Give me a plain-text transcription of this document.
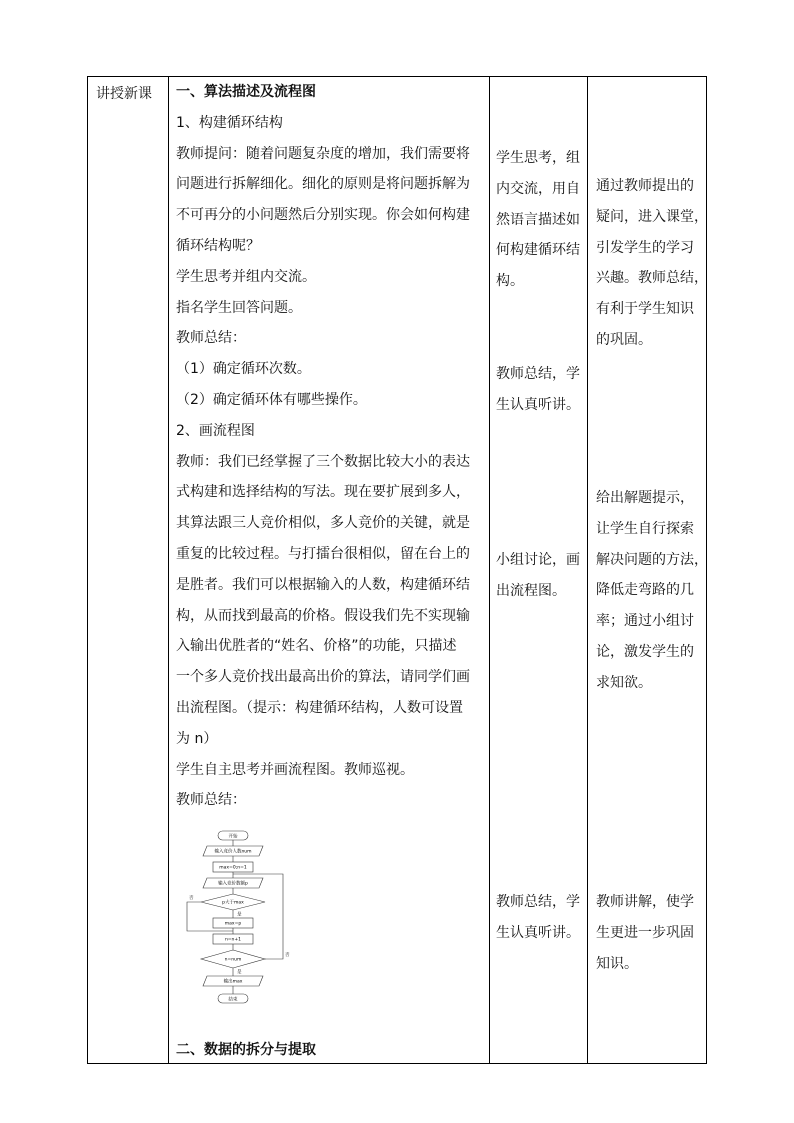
讲授新课 一、算法描述及流程图
1、构建循环结构
教师提问：随着问题复杂度的增加，我们需要将
问题进行拆解细化。细化的原则是将问题拆解为
不可再分的小问题然后分别实现。你会如何构建
循环结构呢？
学生思考并组内交流。
指名学生回答问题。
教师总结：
（1）确定循环次数。
（2）确定循环体有哪些操作。
2、画流程图
教师：我们已经掌握了三个数据比较大小的表达
式构建和选择结构的写法。现在要扩展到多人，
其算法跟三人竞价相似，多人竞价的关键，就是
重复的比较过程。与打擂台很相似，留在台上的
是胜者。我们可以根据输入的人数，构建循环结
构，从而找到最高的价格。假设我们先不实现输
入输出优胜者的“姓名、价格”的功能，只描述
一个多人竞价找出最高出价的算法，请同学们画
出流程图。（提示：构建循环结构，人数可设置
为 n）
学生自主思考并画流程图。教师巡视。
教师总结：
学生思考，组
内交流，用自
然语言描述如
何构建循环结
构。
教师总结，学
生认真听讲。
小组讨论，画
出流程图。
教师总结，学
生认真听讲。
通过教师提出的
疑问，进入课堂，
引发学生的学习
兴趣。教师总结，
有利于学生知识
的巩固。
给出解题提示，
让学生自行探索
解决问题的方法，
降低走弯路的几
率；通过小组讨
论，激发学生的
求知欲。
教师讲解，使学
生更进一步巩固
知识。
开始
输入竞价人数num
max=0;n=1
输入竞价数额p
p大于max
是
否
max=p
n=n+1
n=num
是
否
输出max
结束
二、数据的拆分与提取
